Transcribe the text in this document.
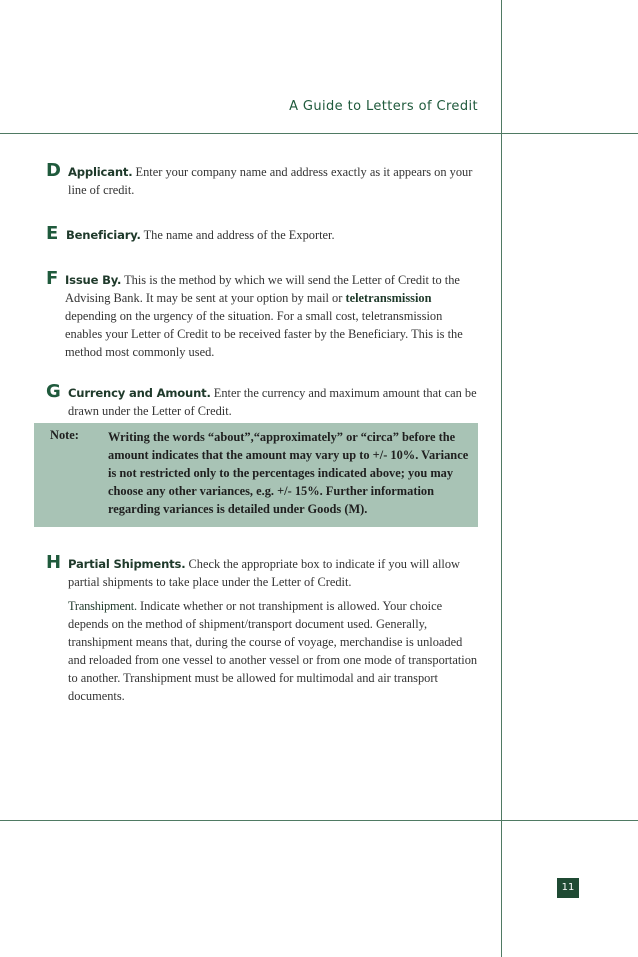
A Guide to Letters of Credit
D Applicant. Enter your company name and address exactly as it appears on your line of credit.
E Beneficiary. The name and address of the Exporter.
F Issue By. This is the method by which we will send the Letter of Credit to the Advising Bank. It may be sent at your option by mail or teletransmission depending on the urgency of the situation. For a small cost, teletransmission enables your Letter of Credit to be received faster by the Beneficiary. This is the method most commonly used.
G Currency and Amount. Enter the currency and maximum amount that can be drawn under the Letter of Credit.
Note: Writing the words “about”,“approximately” or “circa” before the amount indicates that the amount may vary up to +/- 10%. Variance is not restricted only to the percentages indicated above; you may choose any other variances, e.g. +/- 15%. Further information regarding variances is detailed under Goods (M).
H Partial Shipments. Check the appropriate box to indicate if you will allow partial shipments to take place under the Letter of Credit.
Transhipment. Indicate whether or not transhipment is allowed. Your choice depends on the method of shipment/transport document used. Generally, transhipment means that, during the course of voyage, merchandise is unloaded and reloaded from one vessel to another vessel or from one mode of transportation to another. Transhipment must be allowed for multimodal and air transport documents.
11
